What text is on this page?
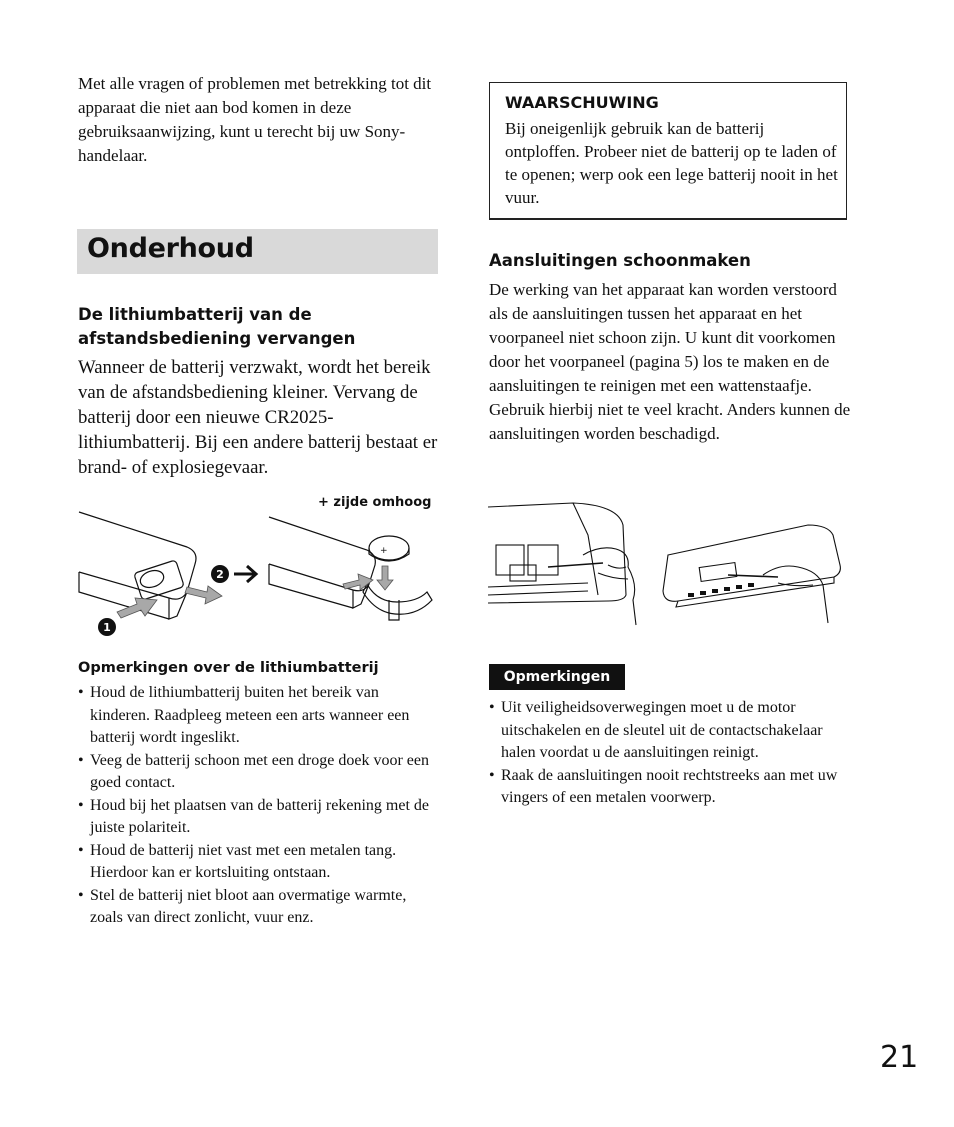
Met alle vragen of problemen met betrekking tot dit apparaat die niet aan bod komen in deze gebruiksaanwijzing, kunt u terecht bij uw Sony-handelaar.

Onderhoud
De lithiumbatterij van de afstandsbediening vervangen

Wanneer de batterij verzwakt, wordt het bereik van de afstandsbediening kleiner. Vervang de batterij door een nieuwe CR2025-lithiumbatterij. Bij een andere batterij bestaat er brand- of explosiegevaar.

+ zijde omhoog

+
1
2
Opmerkingen over de lithiumbatterij
• Houd de lithiumbatterij buiten het bereik van kinderen. Raadpleeg meteen een arts wanneer een batterij wordt ingeslikt.
• Veeg de batterij schoon met een droge doek voor een goed contact.
• Houd bij het plaatsen van de batterij rekening met de juiste polariteit.
• Houd de batterij niet vast met een metalen tang. Hierdoor kan er kortsluiting ontstaan.
• Stel de batterij niet bloot aan overmatige warmte, zoals van direct zonlicht, vuur enz.
WAARSCHUWING

Bij oneigenlijk gebruik kan de batterij ontploffen. Probeer niet de batterij op te laden of te openen; werp ook een lege batterij nooit in het vuur.

Aansluitingen schoonmaken

De werking van het apparaat kan worden verstoord als de aansluitingen tussen het apparaat en het voorpaneel niet schoon zijn. U kunt dit voorkomen door het voorpaneel (pagina 5) los te maken en de aansluitingen te reinigen met een wattenstaafje. Gebruik hierbij niet te veel kracht. Anders kunnen de aansluitingen worden beschadigd.

Opmerkingen

• Uit veiligheidsoverwegingen moet u de motor uitschakelen en de sleutel uit de contactschakelaar halen voordat u de aansluitingen reinigt.
• Raak de aansluitingen nooit rechtstreeks aan met uw vingers of een metalen voorwerp.

21
